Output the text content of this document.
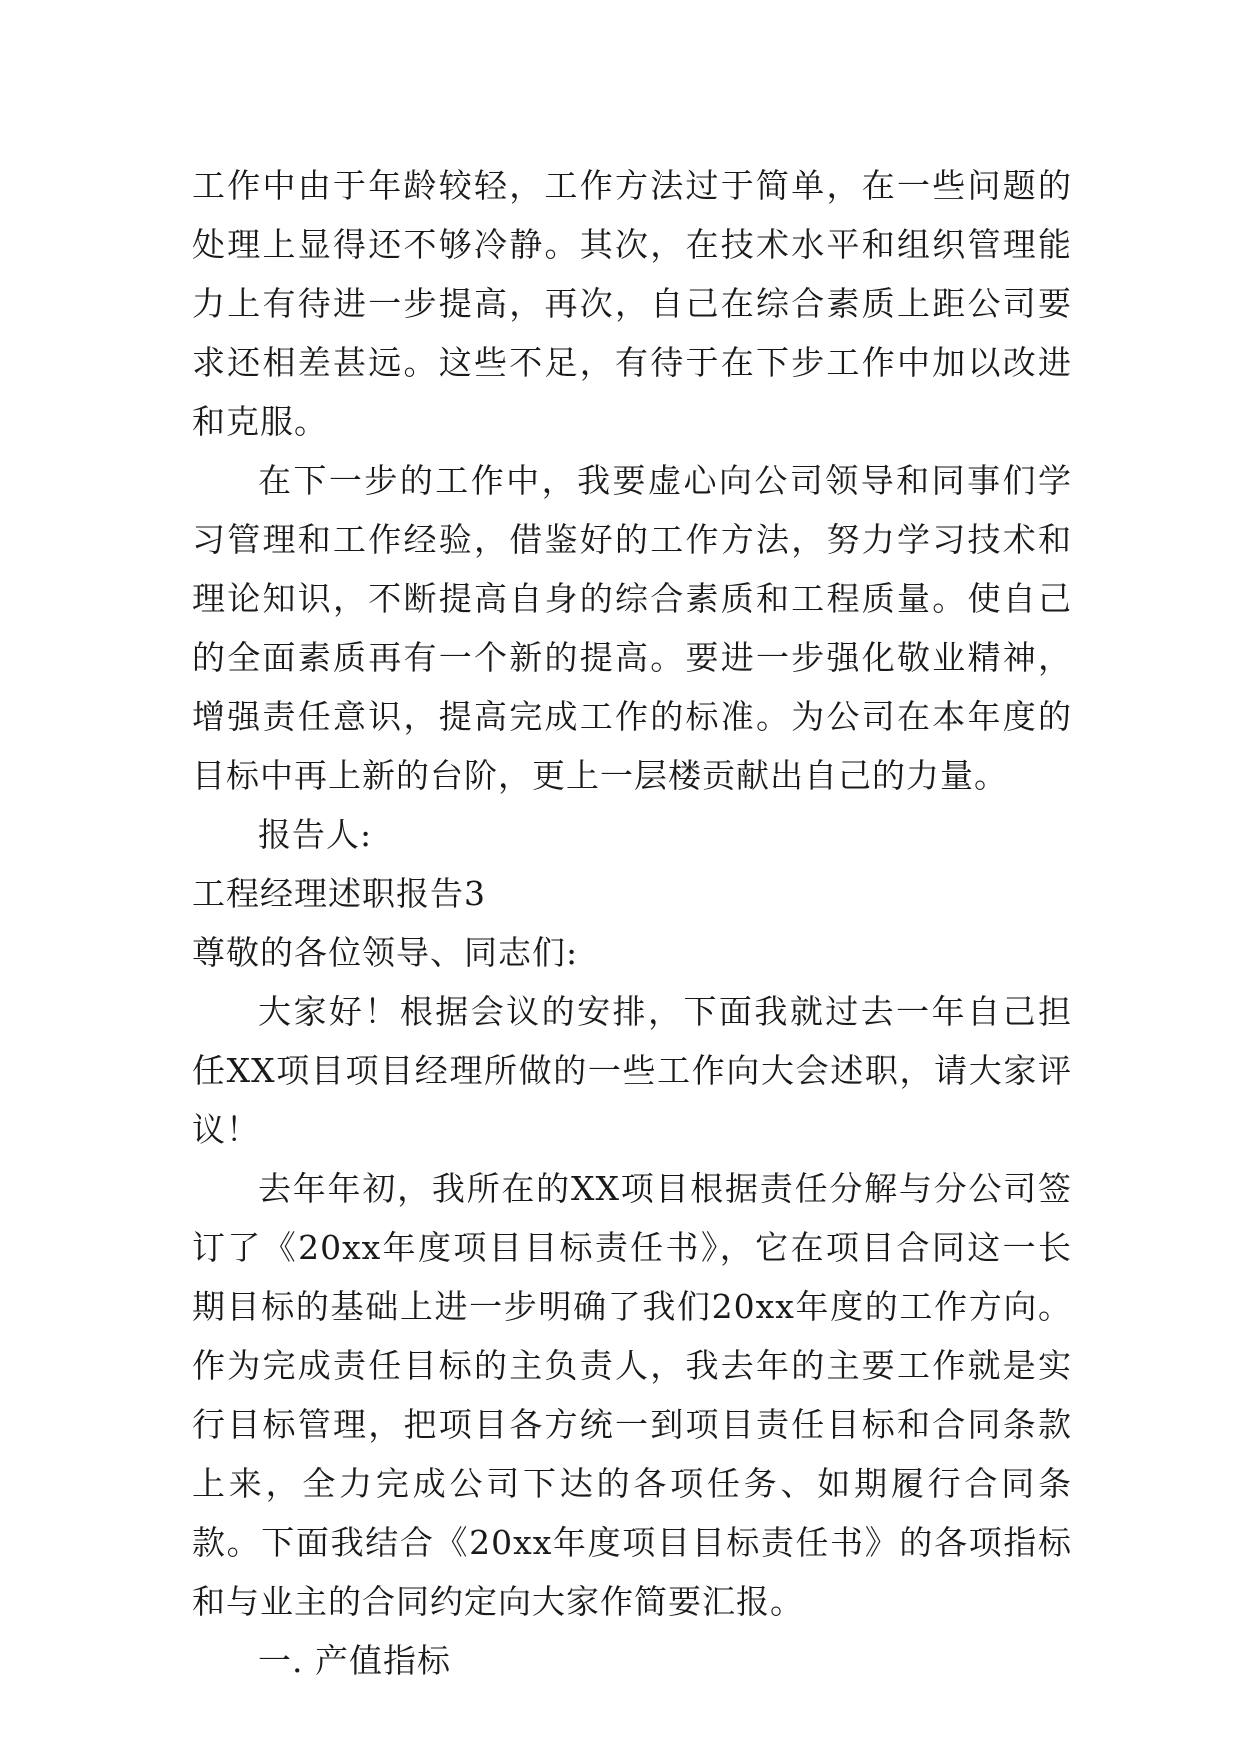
工作中由于年龄较轻，工作方法过于简单，在一些问题的处理上显得还不够冷静。其次，在技术水平和组织管理能力上有待进一步提高，再次，自己在综合素质上距公司要求还相差甚远。这些不足，有待于在下步工作中加以改进和克服。

在下一步的工作中，我要虚心向公司领导和同事们学习管理和工作经验，借鉴好的工作方法，努力学习技术和理论知识，不断提高自身的综合素质和工程质量。使自己的全面素质再有一个新的提高。要进一步强化敬业精神，增强责任意识，提高完成工作的标准。为公司在本年度的目标中再上新的台阶，更上一层楼贡献出自己的力量。

报告人:

工程经理述职报告3

尊敬的各位领导、同志们:

大家好！根据会议的安排，下面我就过去一年自己担任XX项目项目经理所做的一些工作向大会述职，请大家评议！

去年年初，我所在的XX项目根据责任分解与分公司签订了《20xx年度项目目标责任书》，它在项目合同这一长期目标的基础上进一步明确了我们20xx年度的工作方向。作为完成责任目标的主负责人，我去年的主要工作就是实行目标管理，把项目各方统一到项目责任目标和合同条款上来，全力完成公司下达的各项任务、如期履行合同条款。下面我结合《20xx年度项目目标责任书》的各项指标和与业主的合同约定向大家作简要汇报。

一. 产值指标
